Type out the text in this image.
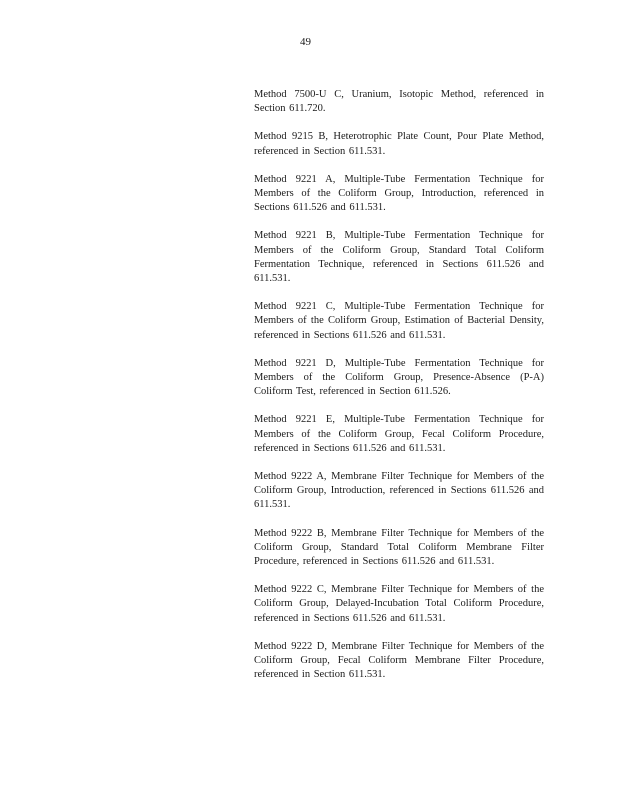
49
Method 7500-U C, Uranium, Isotopic Method, referenced in Section 611.720.
Method 9215 B, Heterotrophic Plate Count, Pour Plate Method, referenced in Section 611.531.
Method 9221 A, Multiple-Tube Fermentation Technique for Members of the Coliform Group, Introduction, referenced in Sections 611.526 and 611.531.
Method 9221 B, Multiple-Tube Fermentation Technique for Members of the Coliform Group, Standard Total Coliform Fermentation Technique, referenced in Sections 611.526 and 611.531.
Method 9221 C, Multiple-Tube Fermentation Technique for Members of the Coliform Group, Estimation of Bacterial Density, referenced in Sections 611.526 and 611.531.
Method 9221 D, Multiple-Tube Fermentation Technique for Members of the Coliform Group, Presence-Absence (P-A) Coliform Test, referenced in Section 611.526.
Method 9221 E, Multiple-Tube Fermentation Technique for Members of the Coliform Group, Fecal Coliform Procedure, referenced in Sections 611.526 and 611.531.
Method 9222 A, Membrane Filter Technique for Members of the Coliform Group, Introduction, referenced in Sections 611.526 and 611.531.
Method 9222 B, Membrane Filter Technique for Members of the Coliform Group, Standard Total Coliform Membrane Filter Procedure, referenced in Sections 611.526 and 611.531.
Method 9222 C, Membrane Filter Technique for Members of the Coliform Group, Delayed-Incubation Total Coliform Procedure, referenced in Sections 611.526 and 611.531.
Method 9222 D, Membrane Filter Technique for Members of the Coliform Group, Fecal Coliform Membrane Filter Procedure, referenced in Section 611.531.
